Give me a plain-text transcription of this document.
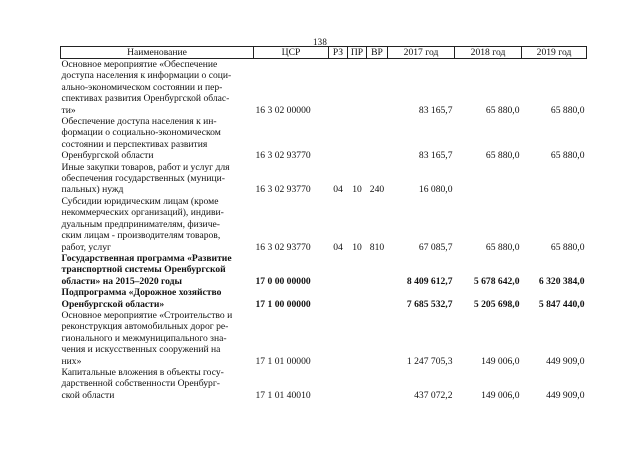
138
Наименование	ЦСР	РЗ	ПР	ВР	2017 год	2018 год	2019 год

Основное мероприятие «Обеспечение
доступа населения к информации о соци-
ально-экономическом состоянии и пер-
спективах развития Оренбургской облас-
ти»	16 3 02 00000				83 165,7	65 880,0	65 880,0

Обеспечение доступа населения к ин-
формации о социально-экономическом
состоянии и перспективах развития
Оренбургской области	16 3 02 93770				83 165,7	65 880,0	65 880,0

Иные закупки товаров, работ и услуг для
обеспечения государственных (муници-
пальных) нужд	16 3 02 93770	04	10	240	16 080,0		

Субсидии юридическим лицам (кроме
некоммерческих организаций), индиви-
дуальным предпринимателям, физиче-
ским лицам - производителям товаров,
работ, услуг	16 3 02 93770	04	10	810	67 085,7	65 880,0	65 880,0

Государственная программа «Развитие
транспортной системы Оренбургской
области» на 2015–2020 годы	17 0 00 00000				8 409 612,7	5 678 642,0	6 320 384,0

Подпрограмма «Дорожное хозяйство
Оренбургской области»	17 1 00 00000				7 685 532,7	5 205 698,0	5 847 440,0

Основное мероприятие «Строительство и
реконструкция автомобильных дорог ре-
гионального и межмуниципального зна-
чения и искусственных сооружений на
них»	17 1 01 00000				1 247 705,3	149 006,0	449 909,0

Капитальные вложения в объекты госу-
дарственной собственности Оренбург-
ской области	17 1 01 40010				437 072,2	149 006,0	449 909,0
